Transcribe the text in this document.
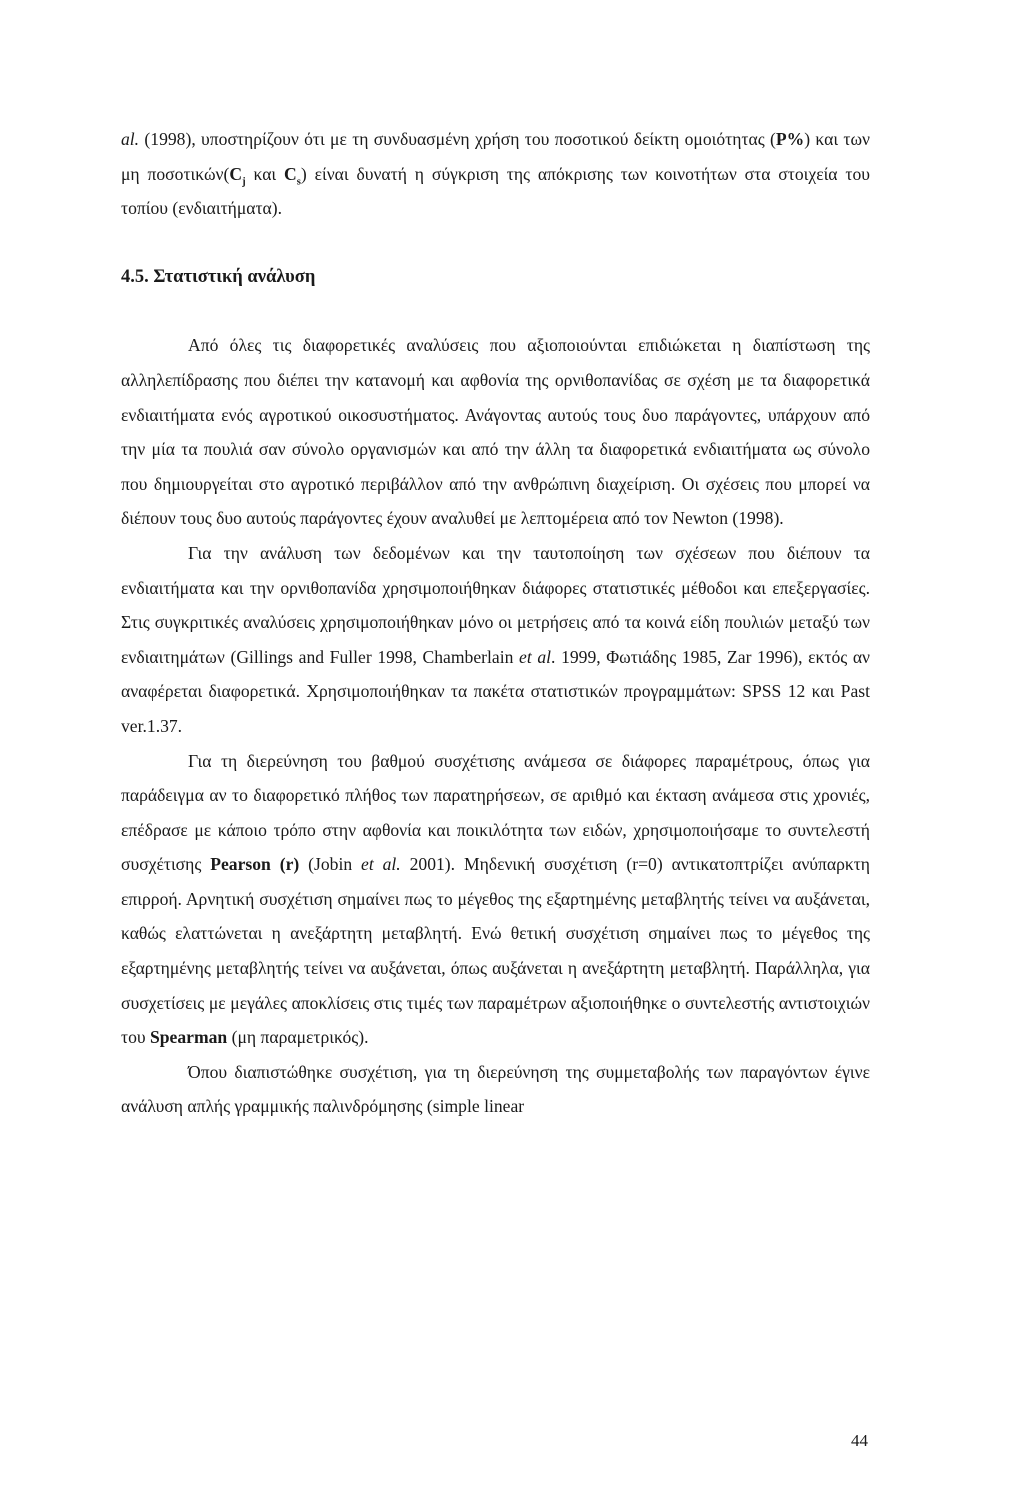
al. (1998), υποστηρίζουν ότι με τη συνδυασμένη χρήση του ποσοτικού δείκτη ομοιότητας (P%) και των μη $\pi o\sigma o\tau\iota\kappa ώ\nu(C_j$ και $C_s$) είναι δυνατή η σύγκριση της απόκρισης των κοινοτήτων στα στοιχεία του τοπίου (ενδιαιτήματα).

4.5. Στατιστική ανάλυση

Από όλες τις διαφορετικές αναλύσεις που αξιοποιούνται επιδιώκεται η διαπίστωση της αλληλεπίδρασης που διέπει την κατανομή και αφθονία της ορνιθοπανίδας σε σχέση με τα διαφορετικά ενδιαιτήματα ενός αγροτικού οικοσυστήματος. Ανάγοντας αυτούς τους δυο παράγοντες, υπάρχουν από την μία τα πουλιά σαν σύνολο οργανισμών και από την άλλη τα διαφορετικά ενδιαιτήματα ως σύνολο που δημιουργείται στο αγροτικό περιβάλλον από την ανθρώπινη διαχείριση. Οι σχέσεις που μπορεί να διέπουν τους δυο αυτούς παράγοντες έχουν αναλυθεί με λεπτομέρεια από τον Newton (1998).

Για την ανάλυση των δεδομένων και την ταυτοποίηση των σχέσεων που διέπουν τα ενδιαιτήματα και την ορνιθοπανίδα χρησιμοποιήθηκαν διάφορες στατιστικές μέθοδοι και επεξεργασίες. Στις συγκριτικές αναλύσεις χρησιμοποιήθηκαν μόνο οι μετρήσεις από τα κοινά είδη πουλιών μεταξύ των ενδιαιτημάτων (Gillings and Fuller 1998, Chamberlain et al. 1999, Φωτιάδης 1985, Zar 1996), εκτός αν αναφέρεται διαφορετικά. Χρησιμοποιήθηκαν τα πακέτα στατιστικών προγραμμάτων: SPSS 12 και Past ver.1.37.

Για τη διερεύνηση του βαθμού συσχέτισης ανάμεσα σε διάφορες παραμέτρους, όπως για παράδειγμα αν το διαφορετικό πλήθος των παρατηρήσεων, σε αριθμό και έκταση ανάμεσα στις χρονιές, επέδρασε με κάποιο τρόπο στην αφθονία και ποικιλότητα των ειδών, χρησιμοποιήσαμε το συντελεστή συσχέτισης Pearson (r) (Jobin et al. 2001). Μηδενική συσχέτιση (r=0) αντικατοπτρίζει ανύπαρκτη επιρροή. Αρνητική συσχέτιση σημαίνει πως το μέγεθος της εξαρτημένης μεταβλητής τείνει να αυξάνεται, καθώς ελαττώνεται η ανεξάρτητη μεταβλητή. Ενώ θετική συσχέτιση σημαίνει πως το μέγεθος της εξαρτημένης μεταβλητής τείνει να αυξάνεται, όπως αυξάνεται η ανεξάρτητη μεταβλητή. Παράλληλα, για συσχετίσεις με μεγάλες αποκλίσεις στις τιμές των παραμέτρων αξιοποιήθηκε ο συντελεστής αντιστοιχιών του Spearman (μη παραμετρικός).

Όπου διαπιστώθηκε συσχέτιση, για τη διερεύνηση της συμμεταβολής των παραγόντων έγινε ανάλυση απλής γραμμικής παλινδρόμησης (simple linear

44
